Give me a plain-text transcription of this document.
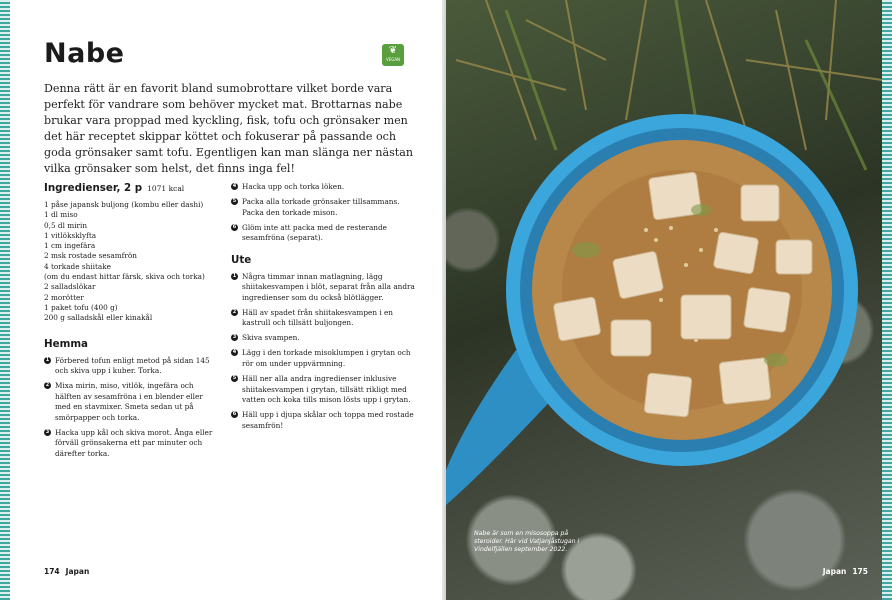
Nabe	❦
VEGAN

Denna rätt är en favorit bland sumobrottare vilket borde vara perfekt för vandrare som behöver mycket mat. Brottarnas nabe brukar vara proppad med kyckling, fisk, tofu och grönsaker men det här receptet skippar köttet och fokuserar på passande och goda grönsaker samt tofu. Egentligen kan man slänga ner nästan vilka grönsaker som helst, det finns inga fel!

Ingredienser, 2 p 1071 kcal
1 påse japansk buljong (kombu eller dashi)
1 dl miso
0,5 dl mirin
1 vitlöksklyfta
1 cm ingefära
2 msk rostade sesamfrön
4 torkade shiitake
(om du endast hittar färsk, skiva och torka)
2 salladslökar
2 morötter
1 paket tofu (400 g)
200 g salladskål eller kinakål
Hemma
1 Förbered tofun enligt metod på sidan 145 och skiva upp i kuber. Torka.
2 Mixa mirin, miso, vitlök, ingefära och hälften av sesamfröna i en blender eller med en stavmixer. Smeta sedan ut på smörpapper och torka.
3 Hacka upp kål och skiva morot. Ånga eller förväll grönsakerna ett par minuter och därefter torka.
4 Hacka upp och torka löken.
5 Packa alla torkade grönsaker tillsammans. Packa den torkade mison.
6 Glöm inte att packa med de resterande sesamfröna (separat).
Ute
1 Några timmar innan matlagning, lägg shiitakesvampen i blöt, separat från alla andra ingredienser som du också blötlägger.
2 Häll av spadet från shiitakesvampen i en kastrull och tillsätt buljongen.
3 Skiva svampen.
4 Lägg i den torkade misoklumpen i grytan och rör om under uppvärmning.
5 Häll ner alla andra ingredienser inklusive shiitakesvampen i grytan, tillsätt rikligt med vatten och koka tills mison lösts upp i grytan.
6 Häll upp i djupa skålar och toppa med rostade sesamfrön!
174 Japan
Nabe är som en misosoppa på steroider. Här vid Vatjanjåstugan i Vindelfjällen september 2022.
Japan 175
